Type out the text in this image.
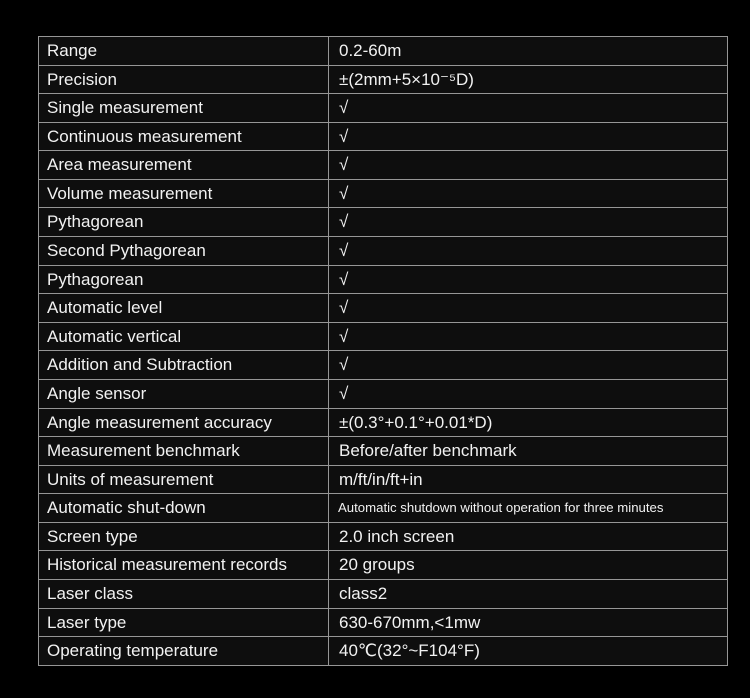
Range	0.2-60m
Precision	±(2mm+5×10⁻⁵D)
Single measurement	√
Continuous measurement	√
Area measurement	√
Volume measurement	√
Pythagorean	√
Second Pythagorean	√
Pythagorean	√
Automatic level	√
Automatic vertical	√
Addition and Subtraction	√
Angle sensor	√
Angle measurement accuracy	±(0.3°+0.1°+0.01*D)
Measurement benchmark	Before/after benchmark
Units of measurement	m/ft/in/ft+in
Automatic shut-down	Automatic shutdown without operation for three minutes
Screen type	2.0 inch screen
Historical measurement records	20 groups
Laser class	class2
Laser type	630-670mm,<1mw
Operating temperature	40℃(32°~F104°F)
